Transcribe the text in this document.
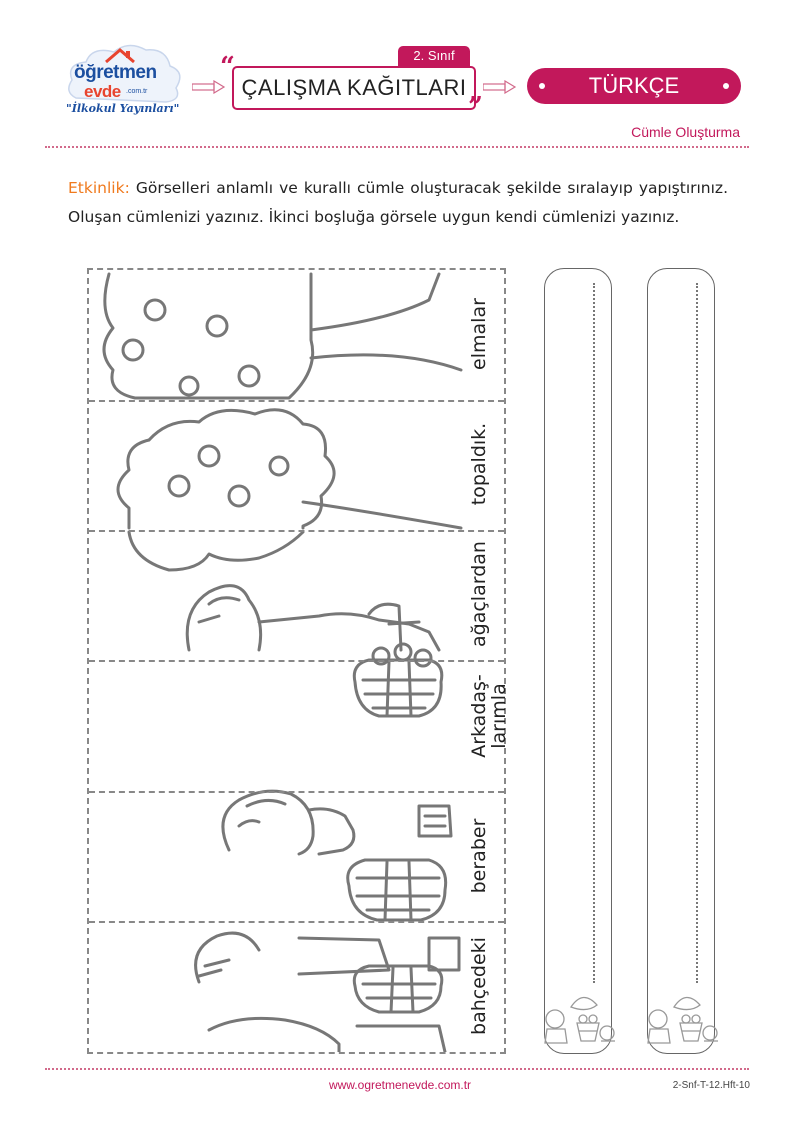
öğretmen
evde .com.tr
"İlkokul Yayınları"
“	2. Sınıf
ÇALIŞMA KAĞITLARI
”
TÜRKÇE
Cümle Oluşturma
Etkinlik: Görselleri anlamlı ve kurallı cümle oluşturacak şekilde sıralayıp yapıştırınız. Oluşan cümlenizi yazınız. İkinci boşluğa görsele uygun kendi cümlenizi yazınız.
elmalar
topaldık.
ağaçlardan
Arkadaş-
larımla
beraber
bahçedeki
www.ogretmenevde.com.tr	2-Snf-T-12.Hft-10
